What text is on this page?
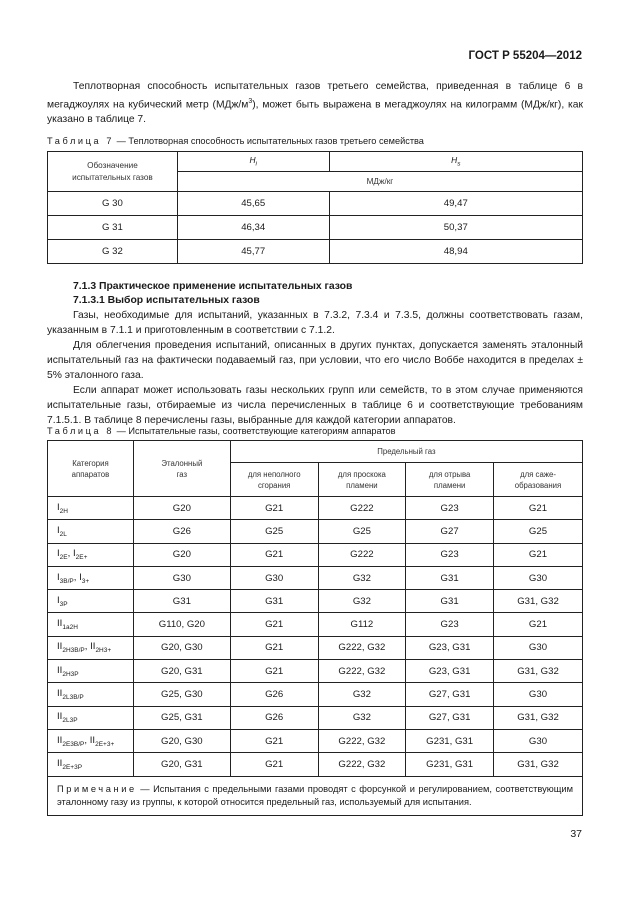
ГОСТ Р 55204—2012

Теплотворная способность испытательных газов третьего семейства, приведенная в таблице 6 в мегаджоулях на кубический метр $(МДж/м^3)$, может быть выражена в мегаджоулях на килограмм (МДж/кг), как указано в таблице 7.

Таблица 7 — Теплотворная способность испытательных газов третьего семейства
Обозначение испытательных газов	$H_i$	$H_s$
	МДж/кг	
G 30	45,65	49,47
G 31	46,34	50,37
G 32	45,77	48,94
7.1.3 Практическое применение испытательных газов
7.1.3.1 Выбор испытательных газов

Газы, необходимые для испытаний, указанных в 7.3.2, 7.3.4 и 7.3.5, должны соответствовать газам, указанным в 7.1.1 и приготовленным в соответствии с 7.1.2.

Для облегчения проведения испытаний, описанных в других пунктах, допускается заменять эталонный испытательный газ на фактически подаваемый газ, при условии, что его число Воббе находится в пределах ± 5% эталонного газа.

Если аппарат может использовать газы нескольких групп или семейств, то в этом случае применяются испытательные газы, отбираемые из числа перечисленных в таблице 6 и соответствующие требованиям 7.1.5.1. В таблице 8 перечислены газы, выбранные для каждой категории аппаратов.

Таблица 8 — Испытательные газы, соответствующие категориям аппаратов
Категория аппаратов	Эталонный газ	Предельный газ			
		для неполного сгорания	для проскока пламени	для отрыва пламени	для саже-образования
$I_{2H}$	G20	G21	G222	G23	G21
$I_{2L}$	G26	G25	G25	G27	G25
$I_{2E}$, $I_{2E+}$	G20	G21	G222	G23	G21
$I_{3B/P}$, $I_{3+}$	G30	G30	G32	G31	G30
$I_{3P}$	G31	G31	G32	G31	G31, G32
$II_{1a2H}$	G110, G20	G21	G112	G23	G21
$II_{2H3B/P}$, $II_{2H3+}$	G20, G30	G21	G222, G32	G23, G31	G30
$II_{2H3P}$	G20, G31	G21	G222, G32	G23, G31	G31, G32
$II_{2L3B/P}$	G25, G30	G26	G32	G27, G31	G30
$II_{2L3P}$	G25, G31	G26	G32	G27, G31	G31, G32
$II_{2E3B/P}$, $II_{2E+3+}$	G20, G30	G21	G222, G32	G231, G31	G30
$II_{2E+3P}$	G20, G31	G21	G222, G32	G231, G31	G31, G32
Примечание — Испытания с предельными газами проводят с форсункой и регулированием, соответствующим эталонному газу из группы, к которой относится предельный газ, используемый для испытания.					
37
